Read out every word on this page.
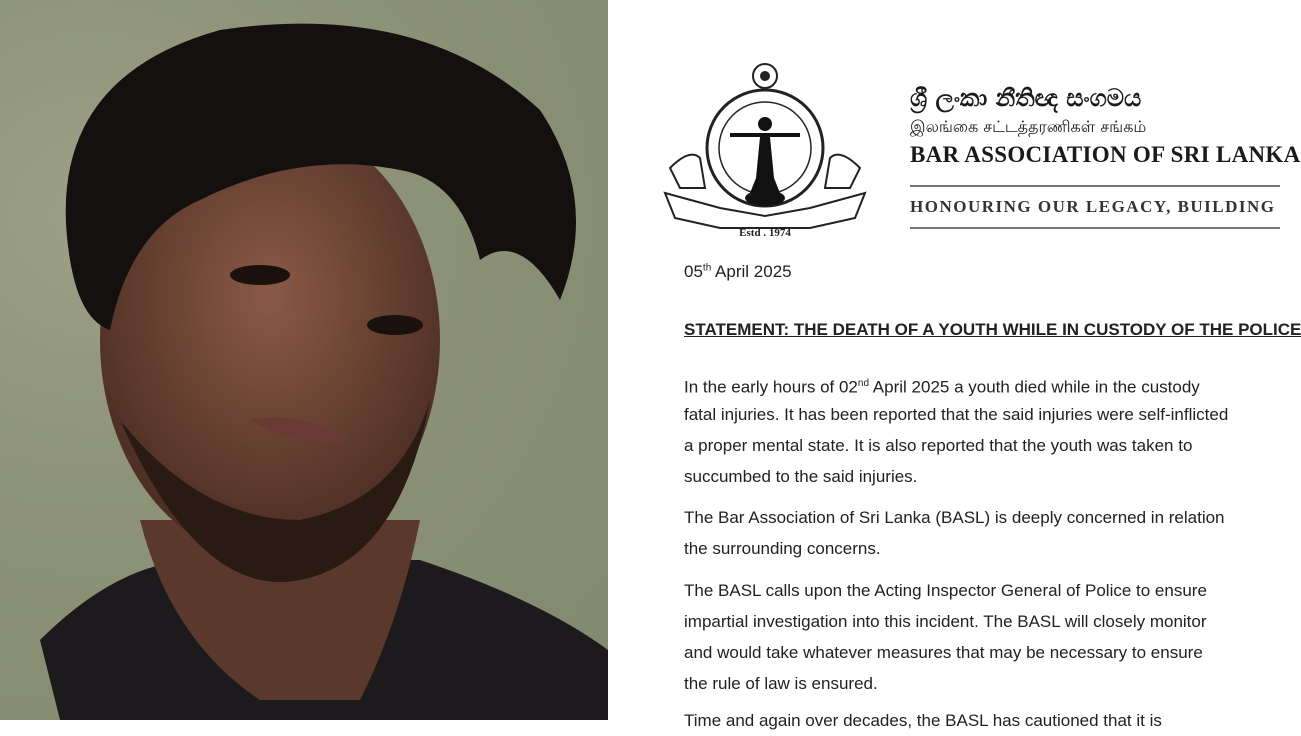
Estd . 1974
ශ්‍රී ලංකා නීතිඥ සංගමය
இலங்கை சட்டத்தரணிகள் சங்கம்
BAR ASSOCIATION OF SRI LANKA
HONOURING OUR LEGACY, BUILDING
05th April 2025
STATEMENT: THE DEATH OF A YOUTH WHILE IN CUSTODY OF THE POLICE
In the early hours of 02nd April 2025 a youth died while in the custody
fatal injuries. It has been reported that the said injuries were self-inflicted
a proper mental state. It is also reported that the youth was taken to
succumbed to the said injuries.
The Bar Association of Sri Lanka (BASL) is deeply concerned in relation
the surrounding concerns.
The BASL calls upon the Acting Inspector General of Police to ensure
impartial investigation into this incident. The BASL will closely monitor
and would take whatever measures that may be necessary to ensure
the rule of law is ensured.
Time and again over decades, the BASL has cautioned that it is
